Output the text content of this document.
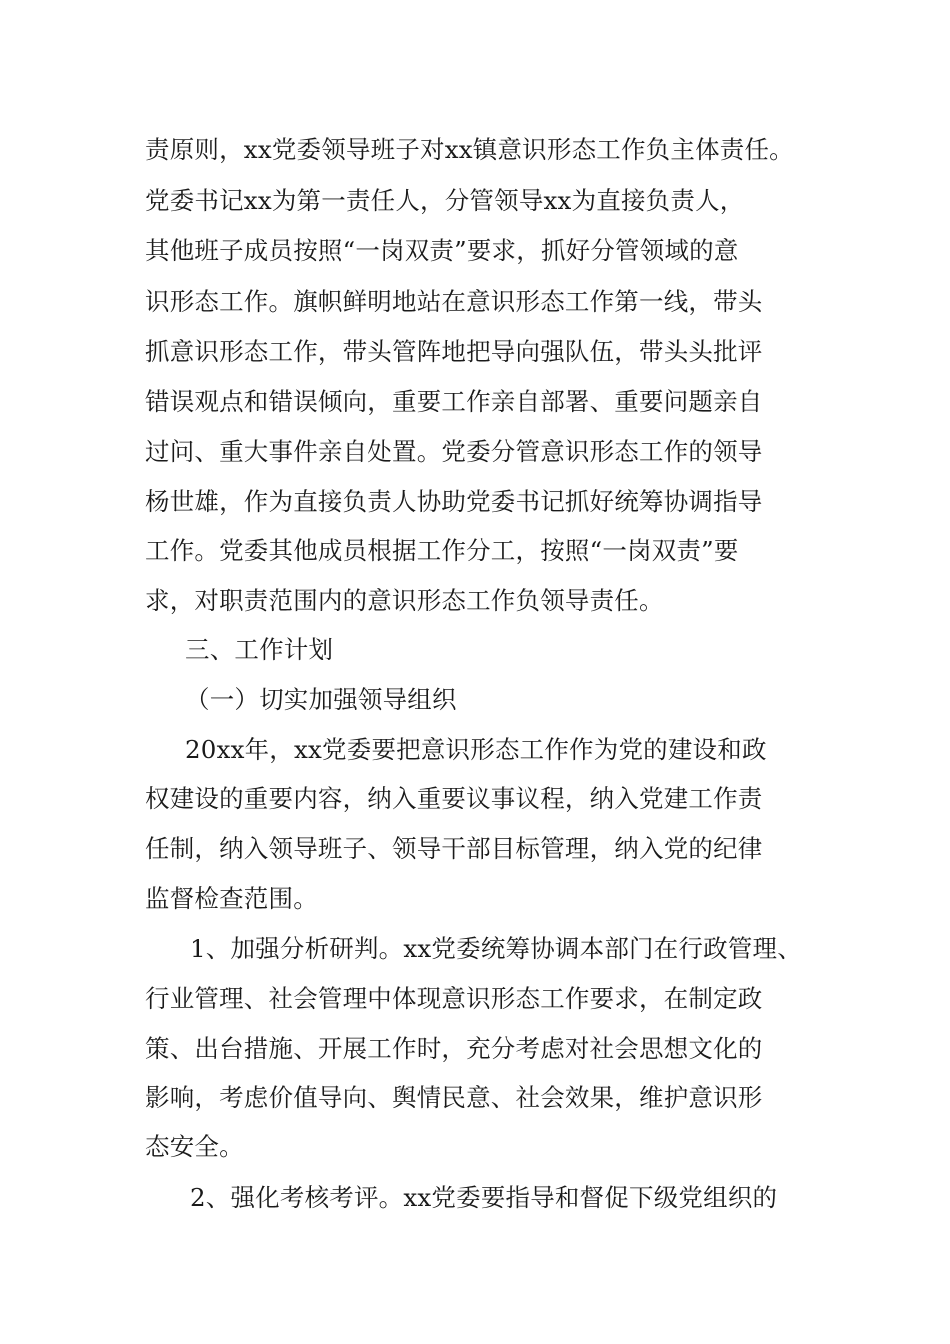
责原则，xx党委领导班子对xx镇意识形态工作负主体责任。
党委书记xx为第一责任人，分管领导xx为直接负责人，
其他班子成员按照“一岗双责”要求，抓好分管领域的意
识形态工作。旗帜鲜明地站在意识形态工作第一线，带头
抓意识形态工作，带头管阵地把导向强队伍，带头头批评
错误观点和错误倾向，重要工作亲自部署、重要问题亲自
过问、重大事件亲自处置。党委分管意识形态工作的领导
杨世雄，作为直接负责人协助党委书记抓好统筹协调指导
工作。党委其他成员根据工作分工，按照“一岗双责”要
求，对职责范围内的意识形态工作负领导责任。
三、工作计划
（一）切实加强领导组织
20xx年，xx党委要把意识形态工作作为党的建设和政
权建设的重要内容，纳入重要议事议程，纳入党建工作责
任制，纳入领导班子、领导干部目标管理，纳入党的纪律
监督检查范围。
1、加强分析研判。xx党委统筹协调本部门在行政管理、
行业管理、社会管理中体现意识形态工作要求，在制定政
策、出台措施、开展工作时，充分考虑对社会思想文化的
影响，考虑价值导向、舆情民意、社会效果，维护意识形
态安全。
2、强化考核考评。xx党委要指导和督促下级党组织的
